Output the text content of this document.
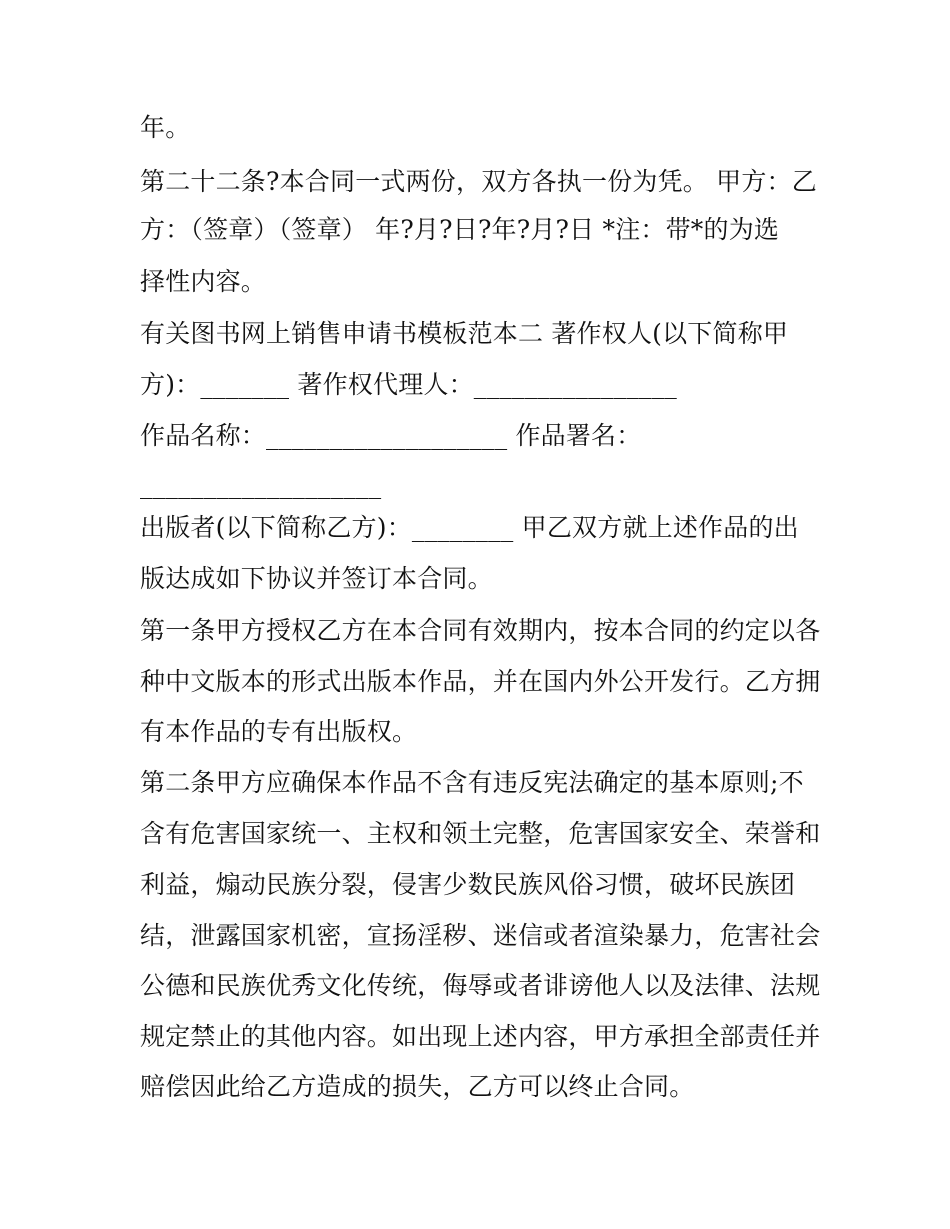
年。
第二十二条?本合同一式两份，双方各执一份为凭。 甲方：乙
方：（签章）（签章） 年?月?日?年?月?日 *注：带*的为选
择性内容。
有关图书网上销售申请书模板范本二 著作权人(以下简称甲
方)：_______ 著作权代理人：________________
作品名称：___________________ 作品署名：
___________________
出版者(以下简称乙方)：________ 甲乙双方就上述作品的出
版达成如下协议并签订本合同。
第一条甲方授权乙方在本合同有效期内，按本合同的约定以各
种中文版本的形式出版本作品，并在国内外公开发行。乙方拥
有本作品的专有出版权。
第二条甲方应确保本作品不含有违反宪法确定的基本原则;不
含有危害国家统一、主权和领土完整，危害国家安全、荣誉和
利益，煽动民族分裂，侵害少数民族风俗习惯，破坏民族团
结，泄露国家机密，宣扬淫秽、迷信或者渲染暴力，危害社会
公德和民族优秀文化传统，侮辱或者诽谤他人以及法律、法规
规定禁止的其他内容。如出现上述内容，甲方承担全部责任并
赔偿因此给乙方造成的损失，乙方可以终止合同。
